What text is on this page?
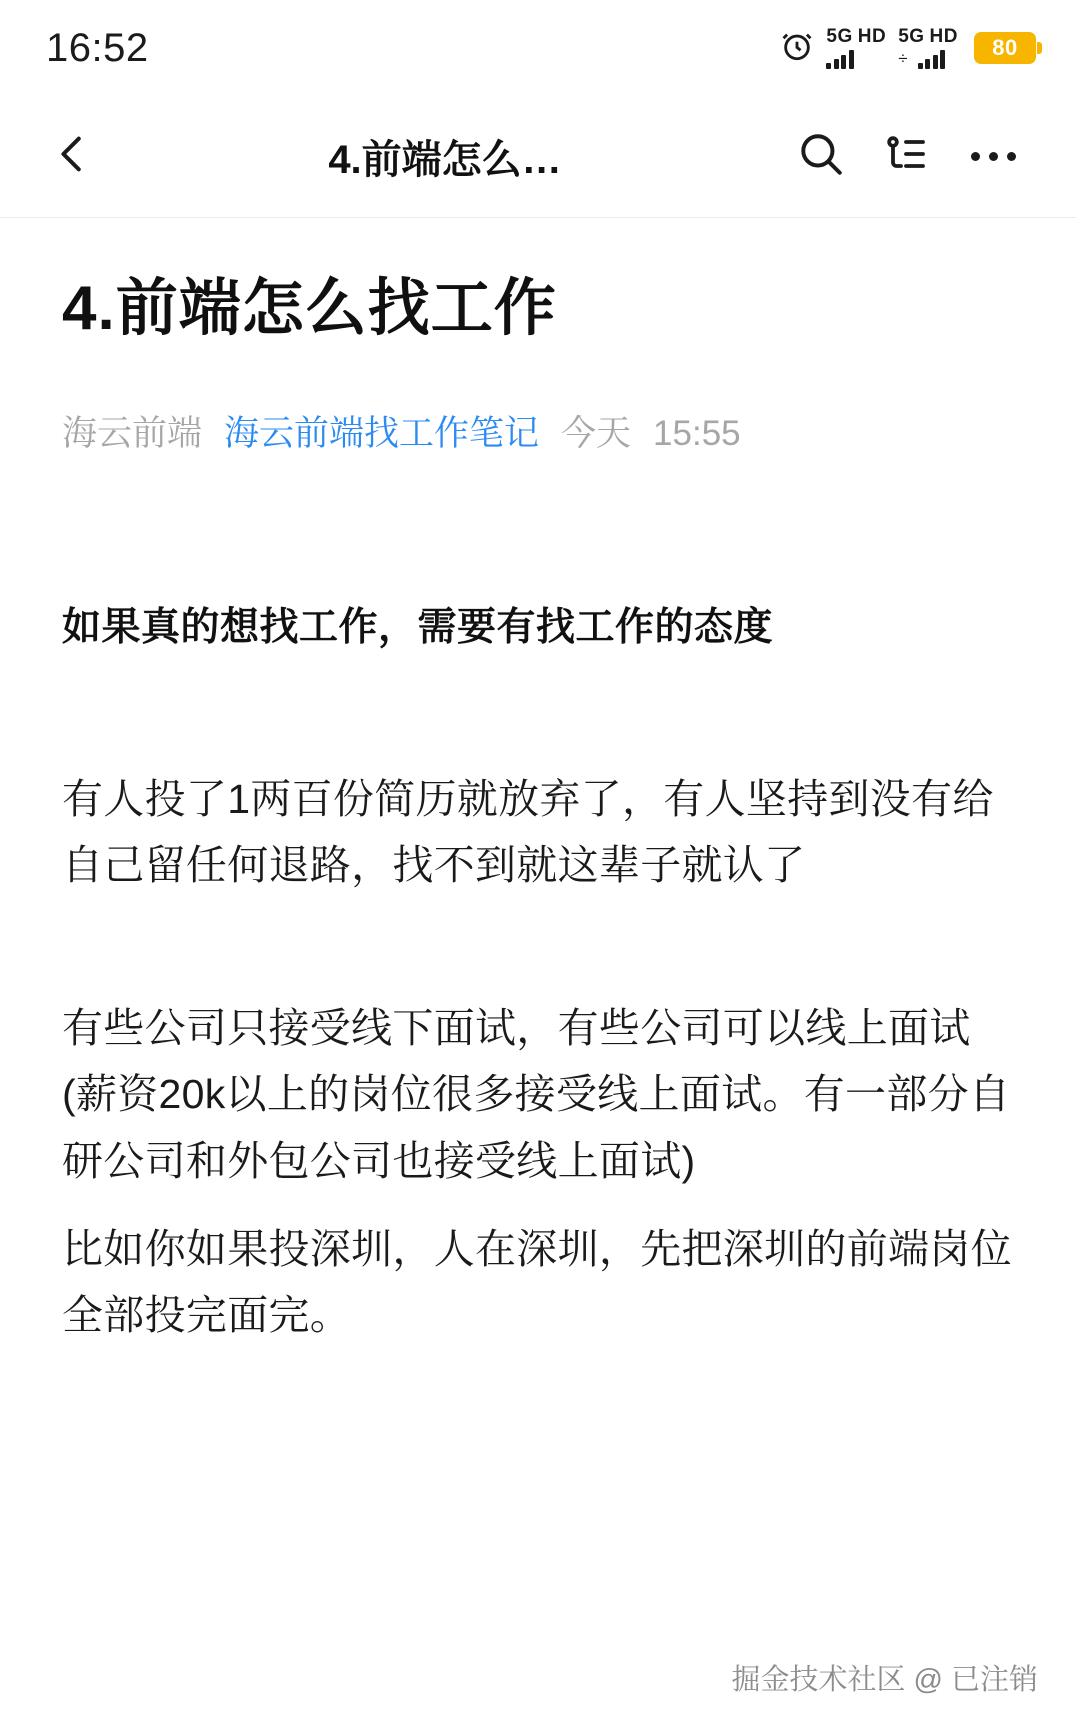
16:52	5G HD 5G HD
÷	80
4.前端怎么…
4.前端怎么找工作
海云前端 海云前端找工作笔记 今天 15:55

如果真的想找工作，需要有找工作的态度

有人投了1两百份简历就放弃了，有人坚持到没有给自己留任何退路，找不到就这辈子就认了

有些公司只接受线下面试，有些公司可以线上面试(薪资20k以上的岗位很多接受线上面试。有一部分自研公司和外包公司也接受线上面试)

比如你如果投深圳，人在深圳，先把深圳的前端岗位全部投完面完。

掘金技术社区 @ 已注销
